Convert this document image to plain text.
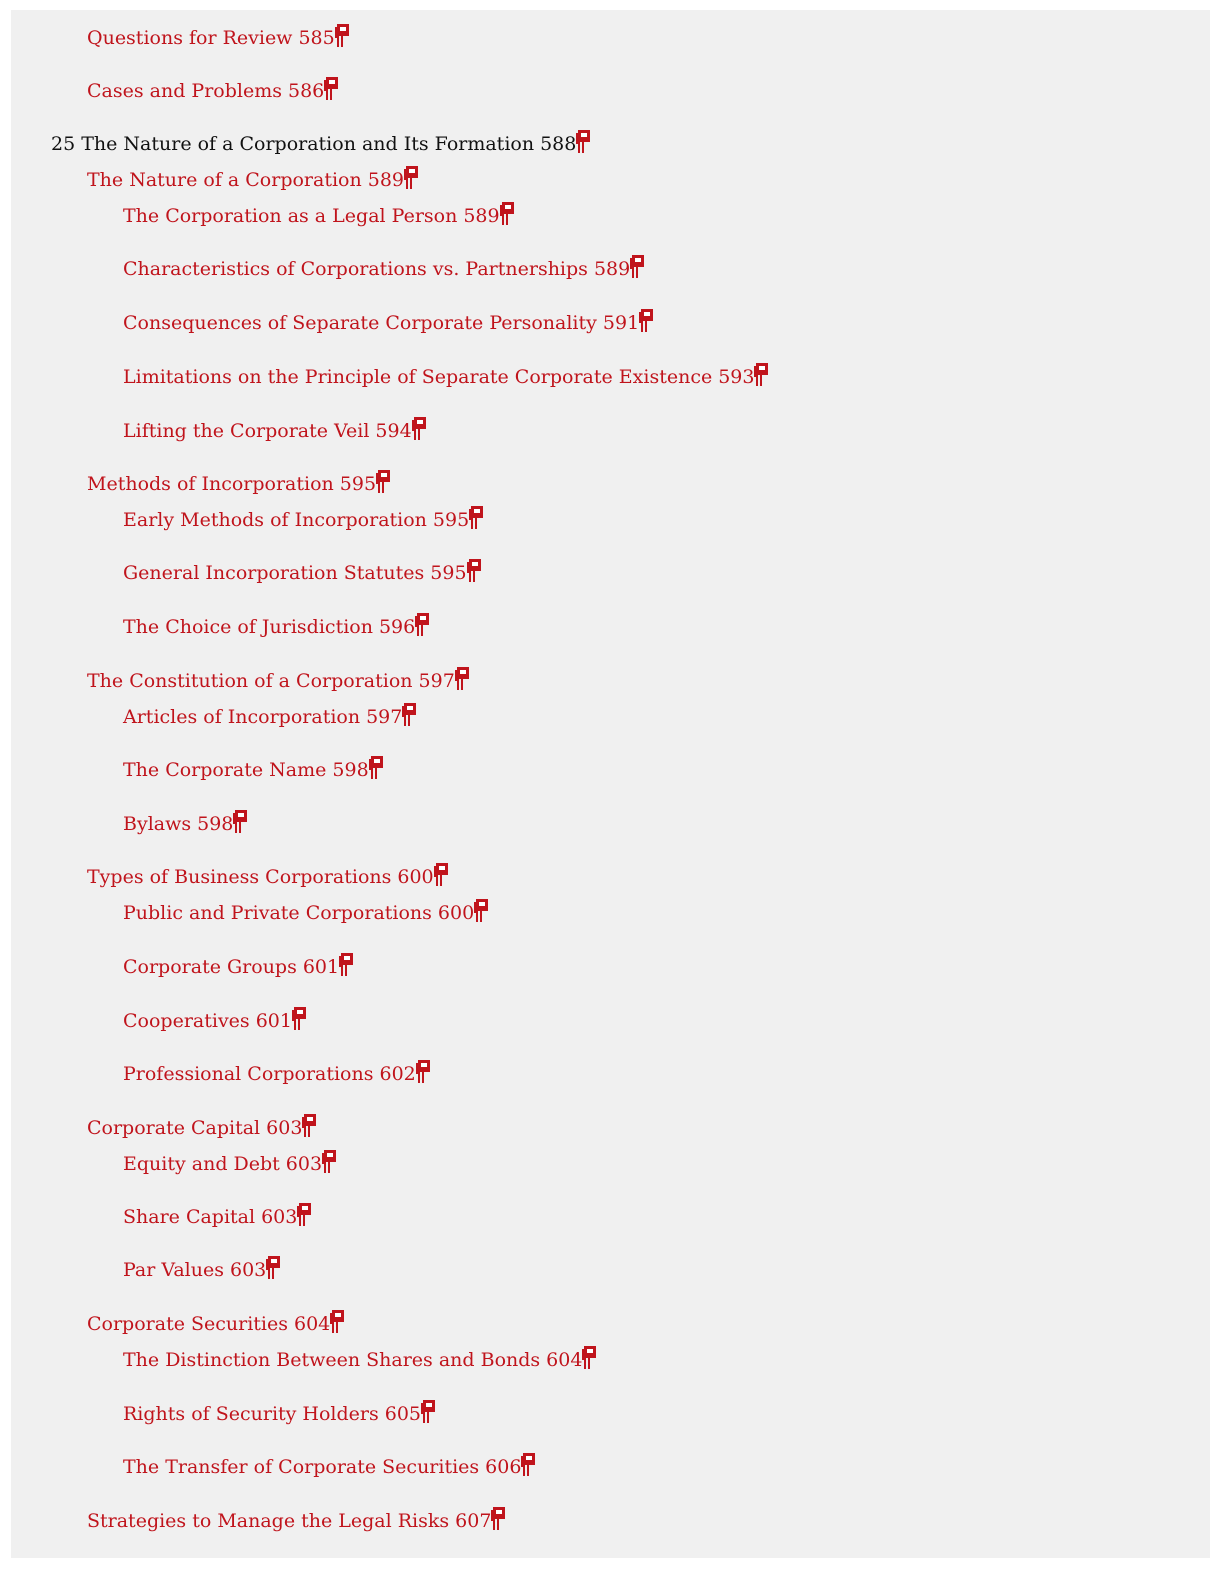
Questions for Review 585
Cases and Problems 586
25 The Nature of a Corporation and Its Formation 588
The Nature of a Corporation 589
The Corporation as a Legal Person 589
Characteristics of Corporations vs. Partnerships 589
Consequences of Separate Corporate Personality 591
Limitations on the Principle of Separate Corporate Existence 593
Lifting the Corporate Veil 594
Methods of Incorporation 595
Early Methods of Incorporation 595
General Incorporation Statutes 595
The Choice of Jurisdiction 596
The Constitution of a Corporation 597
Articles of Incorporation 597
The Corporate Name 598
Bylaws 598
Types of Business Corporations 600
Public and Private Corporations 600
Corporate Groups 601
Cooperatives 601
Professional Corporations 602
Corporate Capital 603
Equity and Debt 603
Share Capital 603
Par Values 603
Corporate Securities 604
The Distinction Between Shares and Bonds 604
Rights of Security Holders 605
The Transfer of Corporate Securities 606
Strategies to Manage the Legal Risks 607
